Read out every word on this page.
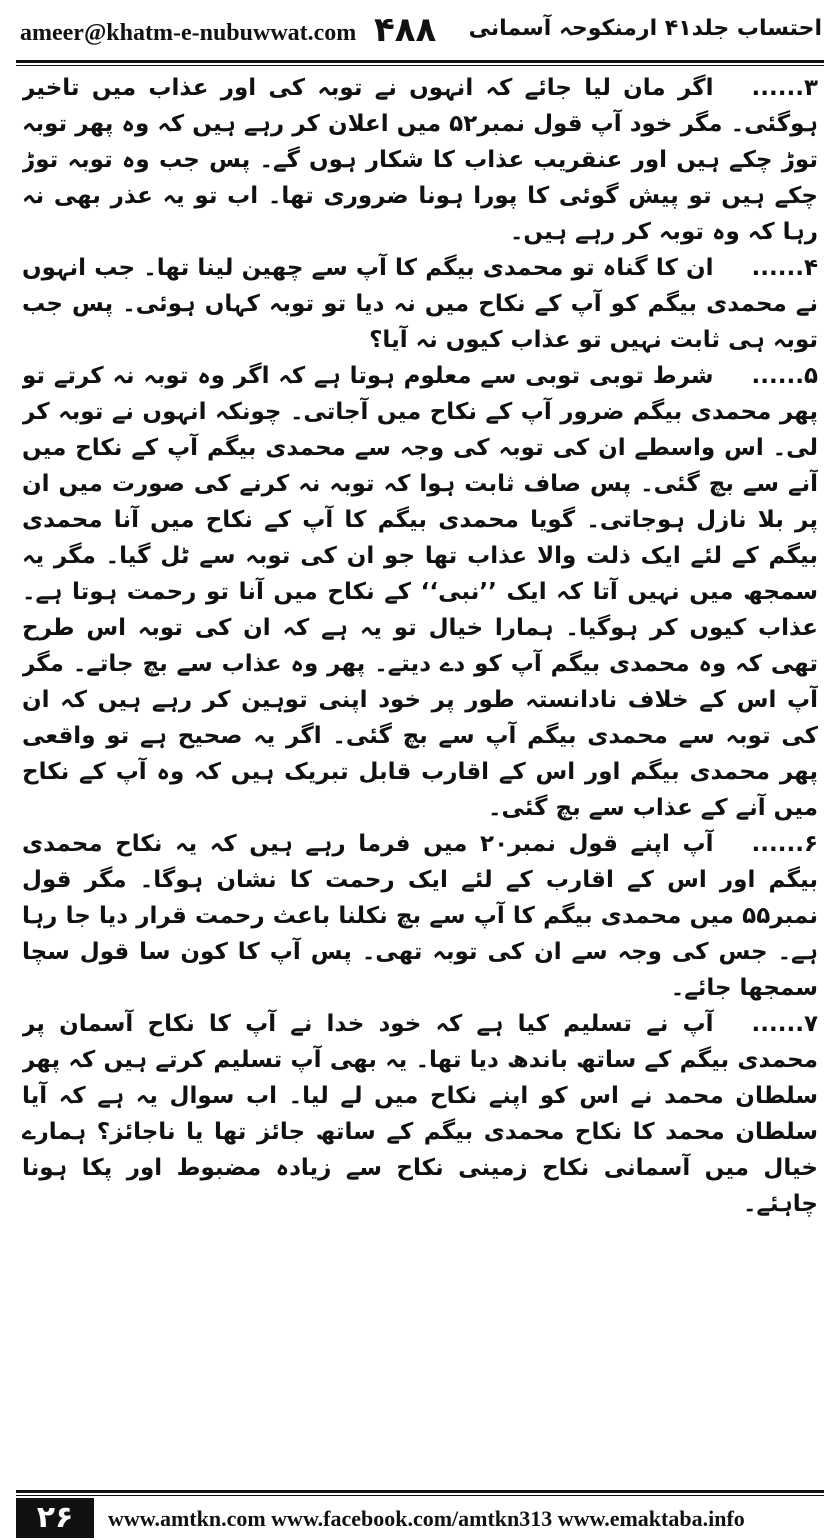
ameer@khatm-e-nubuwwat.com ۴۸۸ احتساب جلد۴۱ ارمنکوحہ آسمانی

۳......اگر مان لیا جائے کہ انہوں نے توبہ کی اور عذاب میں تاخیر ہوگئی۔ مگر خود آپ قول نمبر۵۲ میں اعلان کر رہے ہیں کہ وہ پھر توبہ توڑ چکے ہیں اور عنقریب عذاب کا شکار ہوں گے۔ پس جب وہ توبہ توڑ چکے ہیں تو پیش گوئی کا پورا ہونا ضروری تھا۔ اب تو یہ عذر بھی نہ رہا کہ وہ توبہ کر رہے ہیں۔

۴......ان کا گناہ تو محمدی بیگم کا آپ سے چھین لینا تھا۔ جب انہوں نے محمدی بیگم کو آپ کے نکاح میں نہ دیا تو توبہ کہاں ہوئی۔ پس جب توبہ ہی ثابت نہیں تو عذاب کیوں نہ آیا؟

۵......شرط توبی توبی سے معلوم ہوتا ہے کہ اگر وہ توبہ نہ کرتے تو پھر محمدی بیگم ضرور آپ کے نکاح میں آجاتی۔ چونکہ انہوں نے توبہ کر لی۔ اس واسطے ان کی توبہ کی وجہ سے محمدی بیگم آپ کے نکاح میں آنے سے بچ گئی۔ پس صاف ثابت ہوا کہ توبہ نہ کرنے کی صورت میں ان پر بلا نازل ہوجاتی۔ گویا محمدی بیگم کا آپ کے نکاح میں آنا محمدی بیگم کے لئے ایک ذلت والا عذاب تھا جو ان کی توبہ سے ٹل گیا۔ مگر یہ سمجھ میں نہیں آتا کہ ایک ’’نبی‘‘ کے نکاح میں آنا تو رحمت ہوتا ہے۔ عذاب کیوں کر ہوگیا۔ ہمارا خیال تو یہ ہے کہ ان کی توبہ اس طرح تھی کہ وہ محمدی بیگم آپ کو دے دیتے۔ پھر وہ عذاب سے بچ جاتے۔ مگر آپ اس کے خلاف نادانستہ طور پر خود اپنی توہین کر رہے ہیں کہ ان کی توبہ سے محمدی بیگم آپ سے بچ گئی۔ اگر یہ صحیح ہے تو واقعی پھر محمدی بیگم اور اس کے اقارب قابل تبریک ہیں کہ وہ آپ کے نکاح میں آنے کے عذاب سے بچ گئی۔

۶......آپ اپنے قول نمبر۲۰ میں فرما رہے ہیں کہ یہ نکاح محمدی بیگم اور اس کے اقارب کے لئے ایک رحمت کا نشان ہوگا۔ مگر قول نمبر۵۵ میں محمدی بیگم کا آپ سے بچ نکلنا باعث رحمت قرار دیا جا رہا ہے۔ جس کی وجہ سے ان کی توبہ تھی۔ پس آپ کا کون سا قول سچا سمجھا جائے۔

۷......آپ نے تسلیم کیا ہے کہ خود خدا نے آپ کا نکاح آسمان پر محمدی بیگم کے ساتھ باندھ دیا تھا۔ یہ بھی آپ تسلیم کرتے ہیں کہ پھر سلطان محمد نے اس کو اپنے نکاح میں لے لیا۔ اب سوال یہ ہے کہ آیا سلطان محمد کا نکاح محمدی بیگم کے ساتھ جائز تھا یا ناجائز؟ ہمارے خیال میں آسمانی نکاح زمینی نکاح سے زیادہ مضبوط اور پکا ہونا چاہئے۔

۲۶	www.amtkn.com www.facebook.com/amtkn313 www.emaktaba.info
